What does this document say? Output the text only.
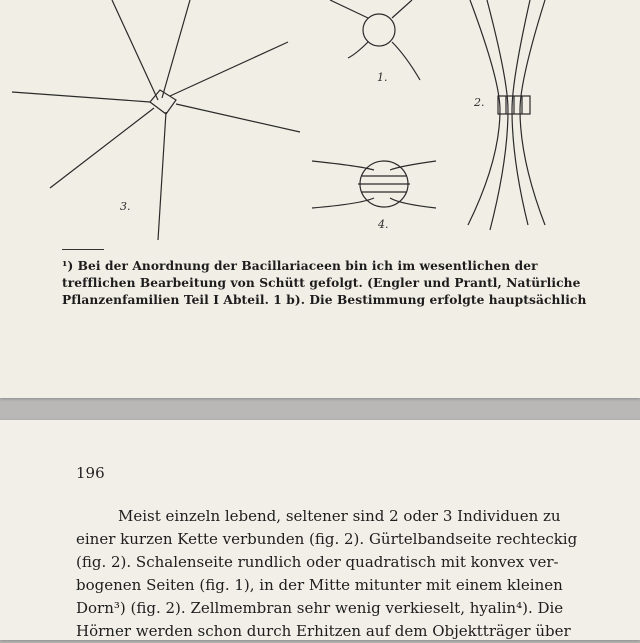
1.
2.
3.
4.
¹) Bei der Anordnung der Bacillariaceen bin ich im wesentlichen der
trefflichen Bearbeitung von Schütt gefolgt. (Engler und Prantl, Natürliche
Pflanzenfamilien Teil I Abteil. 1 b). Die Bestimmung erfolgte hauptsächlich
196
Meist einzeln lebend, seltener sind 2 oder 3 Individuen zu
einer kurzen Kette verbunden (fig. 2). Gürtelbandseite rechteckig
(fig. 2). Schalenseite rundlich oder quadratisch mit konvex ver-
bogenen Seiten (fig. 1), in der Mitte mitunter mit einem kleinen
Dorn³) (fig. 2). Zellmembran sehr wenig verkieselt, hyalin⁴). Die
Hörner werden schon durch Erhitzen auf dem Objektträger über
